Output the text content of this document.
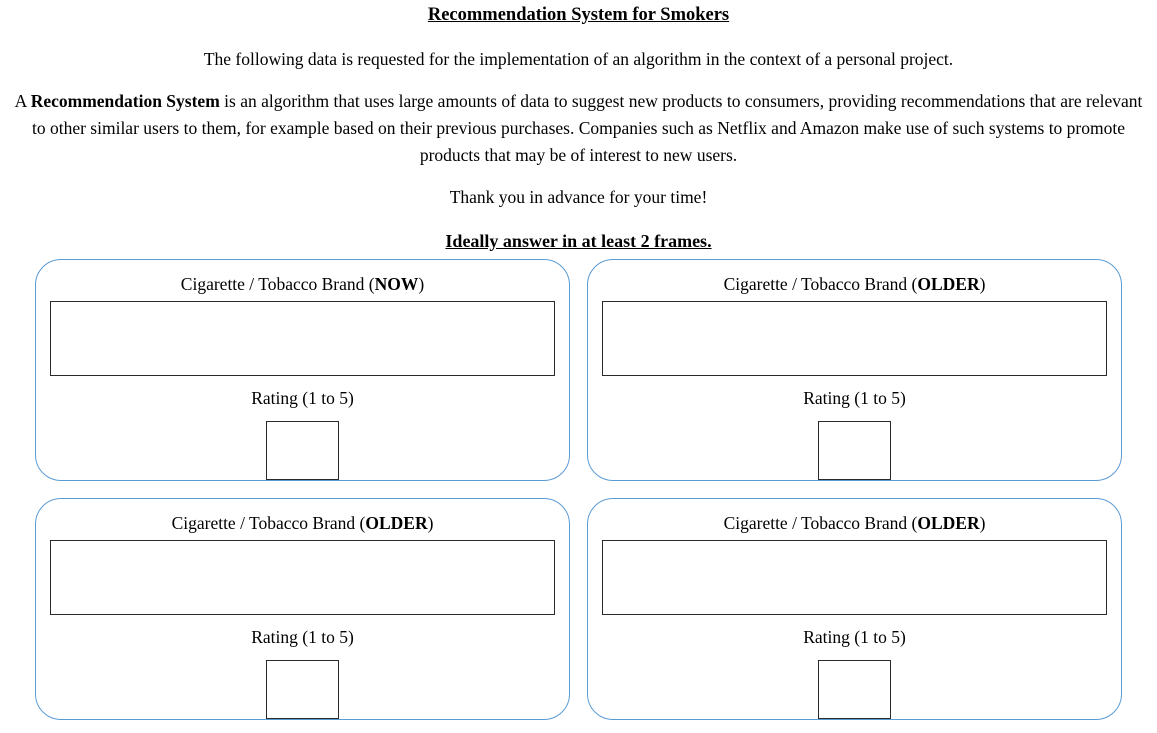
Recommendation System for Smokers

The following data is requested for the implementation of an algorithm in the context of a personal project.

A Recommendation System is an algorithm that uses large amounts of data to suggest new products to consumers, providing recommendations that are relevant to other similar users to them, for example based on their previous purchases. Companies such as Netflix and Amazon make use of such systems to promote products that may be of interest to new users.

Thank you in advance for your time!

Ideally answer in at least 2 frames.

Cigarette / Tobacco Brand (NOW)
Rating (1 to 5)
Cigarette / Tobacco Brand (OLDER)
Rating (1 to 5)
Cigarette / Tobacco Brand (OLDER)
Rating (1 to 5)
Cigarette / Tobacco Brand (OLDER)
Rating (1 to 5)
